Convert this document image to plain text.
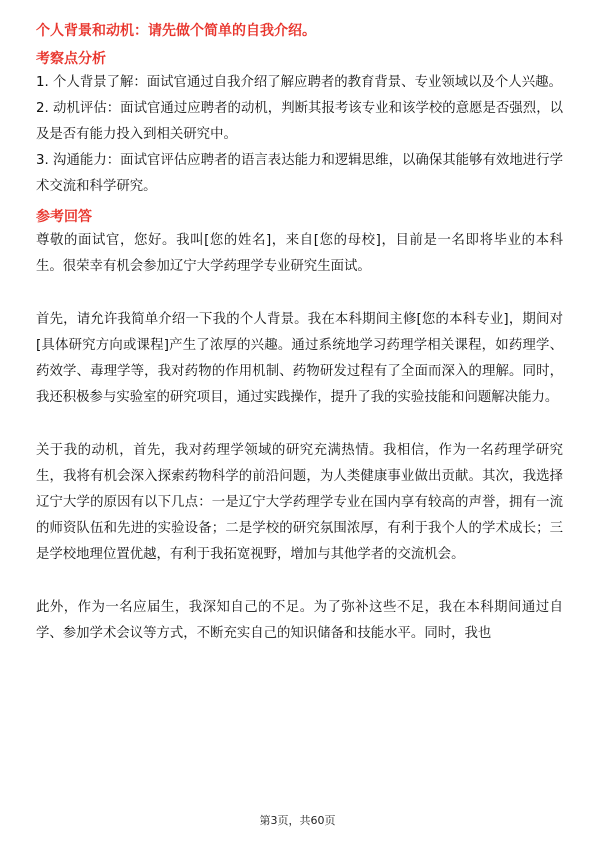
个人背景和动机：请先做个简单的自我介绍。

考察点分析

1. 个人背景了解：面试官通过自我介绍了解应聘者的教育背景、专业领域以及个人兴趣。

2. 动机评估：面试官通过应聘者的动机，判断其报考该专业和该学校的意愿是否强烈，以及是否有能力投入到相关研究中。

3. 沟通能力：面试官评估应聘者的语言表达能力和逻辑思维，以确保其能够有效地进行学术交流和科学研究。

参考回答

尊敬的面试官，您好。我叫[您的姓名]，来自[您的母校]，目前是一名即将毕业的本科生。很荣幸有机会参加辽宁大学药理学专业研究生面试。

首先，请允许我简单介绍一下我的个人背景。我在本科期间主修[您的本科专业]，期间对[具体研究方向或课程]产生了浓厚的兴趣。通过系统地学习药理学相关课程，如药理学、药效学、毒理学等，我对药物的作用机制、药物研发过程有了全面而深入的理解。同时，我还积极参与实验室的研究项目，通过实践操作，提升了我的实验技能和问题解决能力。

关于我的动机，首先，我对药理学领域的研究充满热情。我相信，作为一名药理学研究生，我将有机会深入探索药物科学的前沿问题，为人类健康事业做出贡献。其次，我选择辽宁大学的原因有以下几点：一是辽宁大学药理学专业在国内享有较高的声誉，拥有一流的师资队伍和先进的实验设备；二是学校的研究氛围浓厚，有利于我个人的学术成长；三是学校地理位置优越，有利于我拓宽视野，增加与其他学者的交流机会。

此外，作为一名应届生，我深知自己的不足。为了弥补这些不足，我在本科期间通过自学、参加学术会议等方式，不断充实自己的知识储备和技能水平。同时，我也

第3页，共60页
